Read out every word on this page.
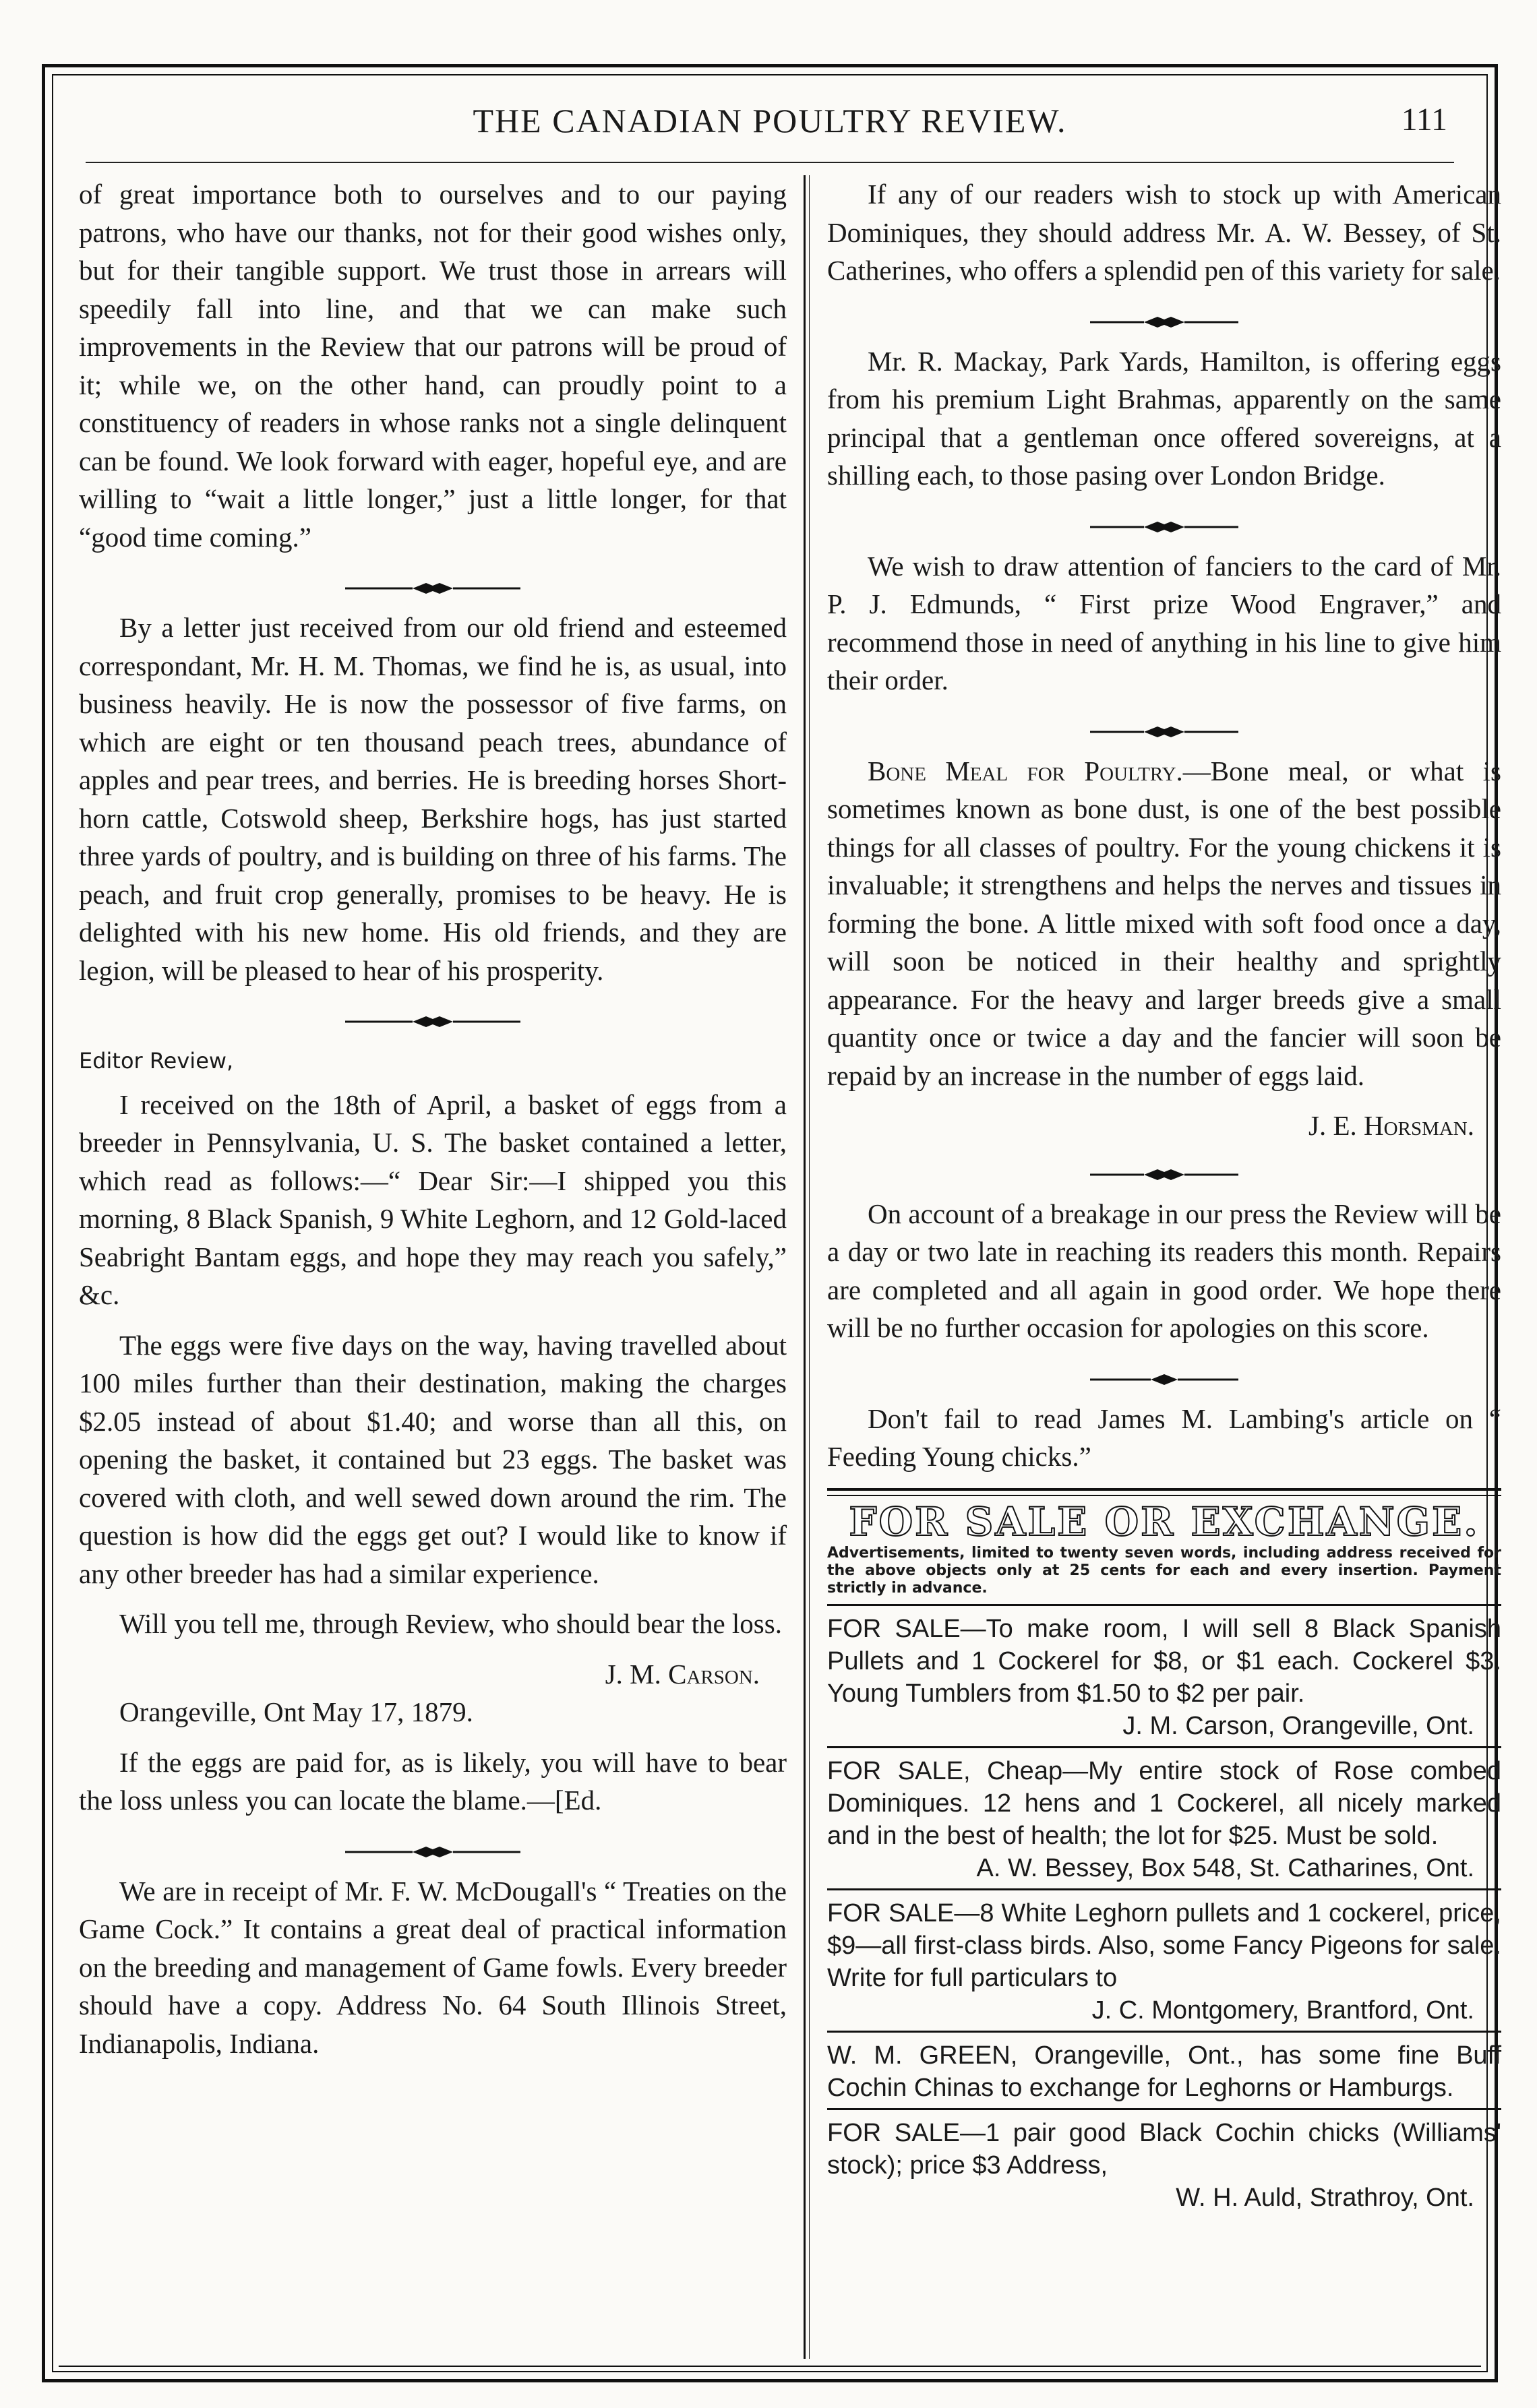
THE CANADIAN POULTRY REVIEW.	111

of great importance both to ourselves and to our paying patrons, who have our thanks, not for their good wishes only, but for their tangible support. We trust those in arrears will speedily fall into line, and that we can make such improvements in the Review that our patrons will be proud of it; while we, on the other hand, can proudly point to a constituency of readers in whose ranks not a single delinquent can be found. We look forward with eager, hopeful eye, and are willing to “wait a little longer,” just a little longer, for that “good time coming.”

By a letter just received from our old friend and esteemed correspondant, Mr. H. M. Thomas, we find he is, as usual, into business heavily. He is now the possessor of five farms, on which are eight or ten thousand peach trees, abundance of apples and pear trees, and berries. He is breeding horses Short-horn cattle, Cotswold sheep, Berkshire hogs, has just started three yards of poultry, and is building on three of his farms. The peach, and fruit crop generally, promises to be heavy. He is delighted with his new home. His old friends, and they are legion, will be pleased to hear of his prosperity.

Editor Review,

I received on the 18th of April, a basket of eggs from a breeder in Pennsylvania, U. S. The basket contained a letter, which read as follows:—“ Dear Sir:—I shipped you this morning, 8 Black Spanish, 9 White Leghorn, and 12 Gold-laced Seabright Bantam eggs, and hope they may reach you safely,” &c.

The eggs were five days on the way, having travelled about 100 miles further than their destination, making the charges $2.05 instead of about $1.40; and worse than all this, on opening the basket, it contained but 23 eggs. The basket was covered with cloth, and well sewed down around the rim. The question is how did the eggs get out? I would like to know if any other breeder has had a similar experience.

Will you tell me, through Review, who should bear the loss.

J. M. Carson.

Orangeville, Ont May 17, 1879.

If the eggs are paid for, as is likely, you will have to bear the loss unless you can locate the blame.—[Ed.

We are in receipt of Mr. F. W. McDougall's “ Treaties on the Game Cock.” It contains a great deal of practical information on the breeding and management of Game fowls. Every breeder should have a copy. Address No. 64 South Illinois Street, Indianapolis, Indiana.

If any of our readers wish to stock up with American Dominiques, they should address Mr. A. W. Bessey, of St. Catherines, who offers a splendid pen of this variety for sale.

Mr. R. Mackay, Park Yards, Hamilton, is offering eggs from his premium Light Brahmas, apparently on the same principal that a gentleman once offered sovereigns, at a shilling each, to those pasing over London Bridge.

We wish to draw attention of fanciers to the card of Mr. P. J. Edmunds, “ First prize Wood Engraver,” and recommend those in need of anything in his line to give him their order.

Bone Meal for Poultry.—Bone meal, or what is sometimes known as bone dust, is one of the best possible things for all classes of poultry. For the young chickens it is invaluable; it strengthens and helps the nerves and tissues in forming the bone. A little mixed with soft food once a day, will soon be noticed in their healthy and sprightly appearance. For the heavy and larger breeds give a small quantity once or twice a day and the fancier will soon be repaid by an increase in the number of eggs laid.

J. E. Horsman.

On account of a breakage in our press the Review will be a day or two late in reaching its readers this month. Repairs are completed and all again in good order. We hope there will be no further occasion for apologies on this score.

Don't fail to read James M. Lambing's article on “ Feeding Young chicks.”

FOR SALE OR EXCHANGE.
Advertisements, limited to twenty seven words, including address received for the above objects only at 25 cents for each and every insertion. Payment strictly in advance.
FOR SALE—To make room, I will sell 8 Black Spanish Pullets and 1 Cockerel for $8, or $1 each. Cockerel $3. Young Tumblers from $1.50 to $2 per pair.
J. M. Carson, Orangeville, Ont.
FOR SALE, Cheap—My entire stock of Rose combed Dominiques. 12 hens and 1 Cockerel, all nicely marked and in the best of health; the lot for $25. Must be sold.
A. W. Bessey, Box 548, St. Catharines, Ont.
FOR SALE—8 White Leghorn pullets and 1 cockerel, price, $9—all first-class birds. Also, some Fancy Pigeons for sale. Write for full particulars to
J. C. Montgomery, Brantford, Ont.
W. M. GREEN, Orangeville, Ont., has some fine Buff Cochin Chinas to exchange for Leghorns or Hamburgs.
FOR SALE—1 pair good Black Cochin chicks (Williams' stock); price $3 Address,
W. H. Auld, Strathroy, Ont.
